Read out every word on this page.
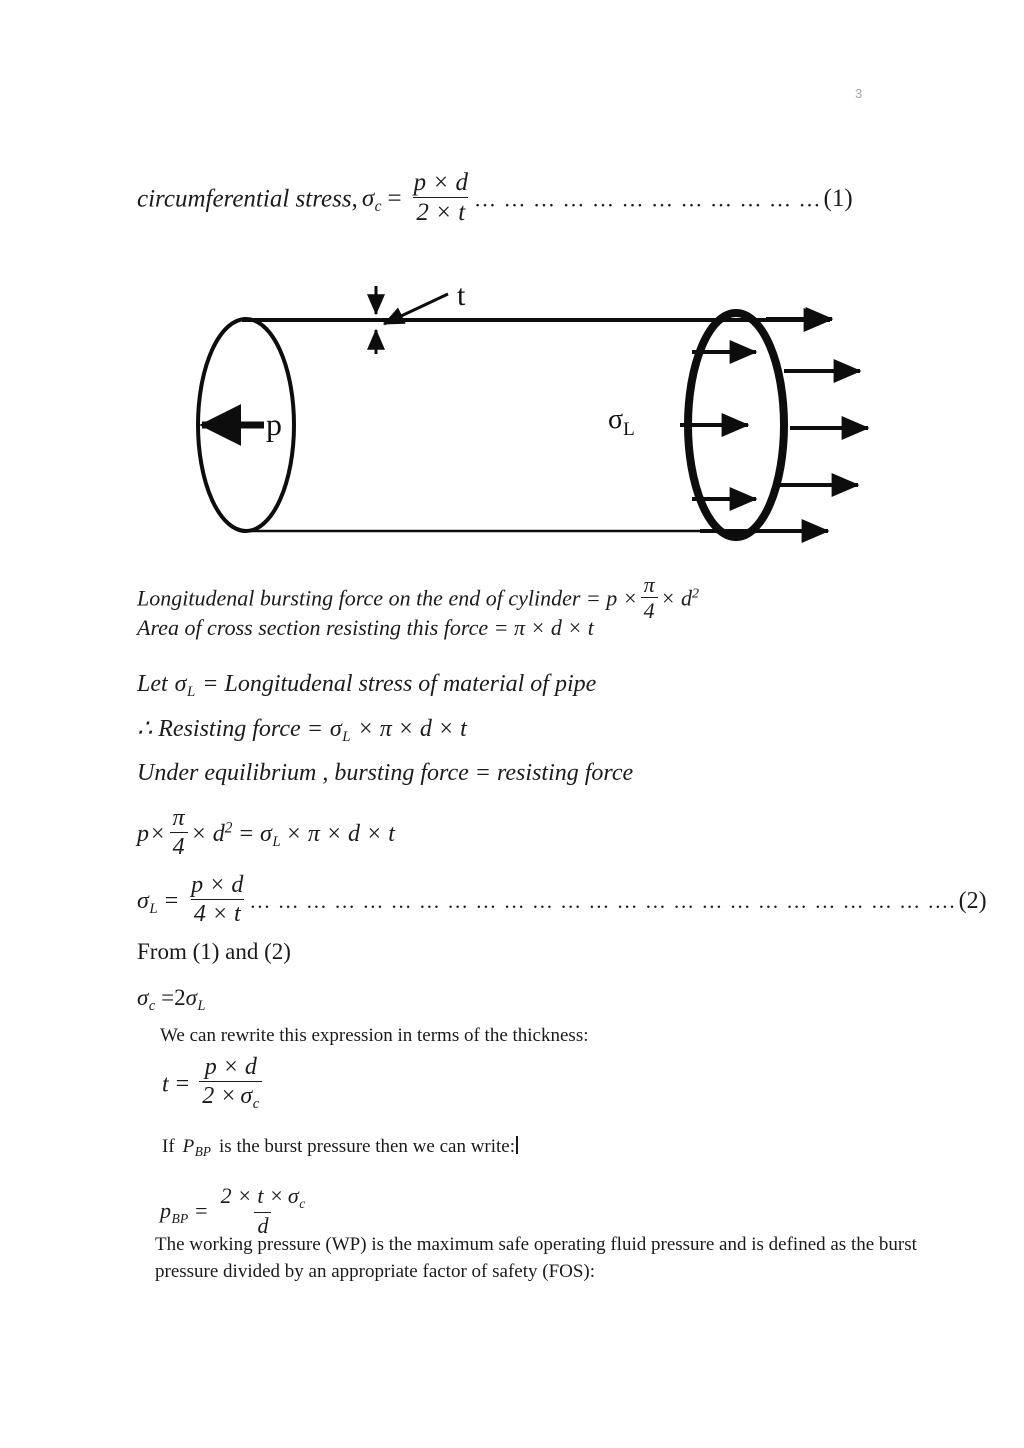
3
circumferential stress, $\sigma_c = \frac{p \times d}{2 \times t}$ … … … … … … … … … … … …(1)
t
p	$\sigma_L$
Longitudenal bursting force on the end of cylinder = $p \times \frac{\pi}{4} \times d^2$
Area of cross section resisting this force = π × d × t
Let $\sigma_L$ = Longitudenal stress of material of pipe
∴ Resisting force = $\sigma_L \times \pi \times d \times t$
Under equilibrium , bursting force = resisting force
$p\times \frac{\pi}{4} \times d^2 = \sigma_L \times \pi \times d \times t$
$\sigma_L = \frac{p \times d}{4 \times t}$ … … … … … … … … … … … … … … … … … … … … … … … … …. (2)
From (1) and (2)
$\sigma_c =2\sigma_L$
We can rewrite this expression in terms of the thickness:
$t = \frac{p \times d}{2 \times \sigma_c}$
If $P_{BP}$ is the burst pressure then we can write:
$p_{BP} = \frac{2 \times t \times \sigma_c}{d}$
The working pressure (WP) is the maximum safe operating fluid pressure and is defined as the burst pressure divided by an appropriate factor of safety (FOS):
